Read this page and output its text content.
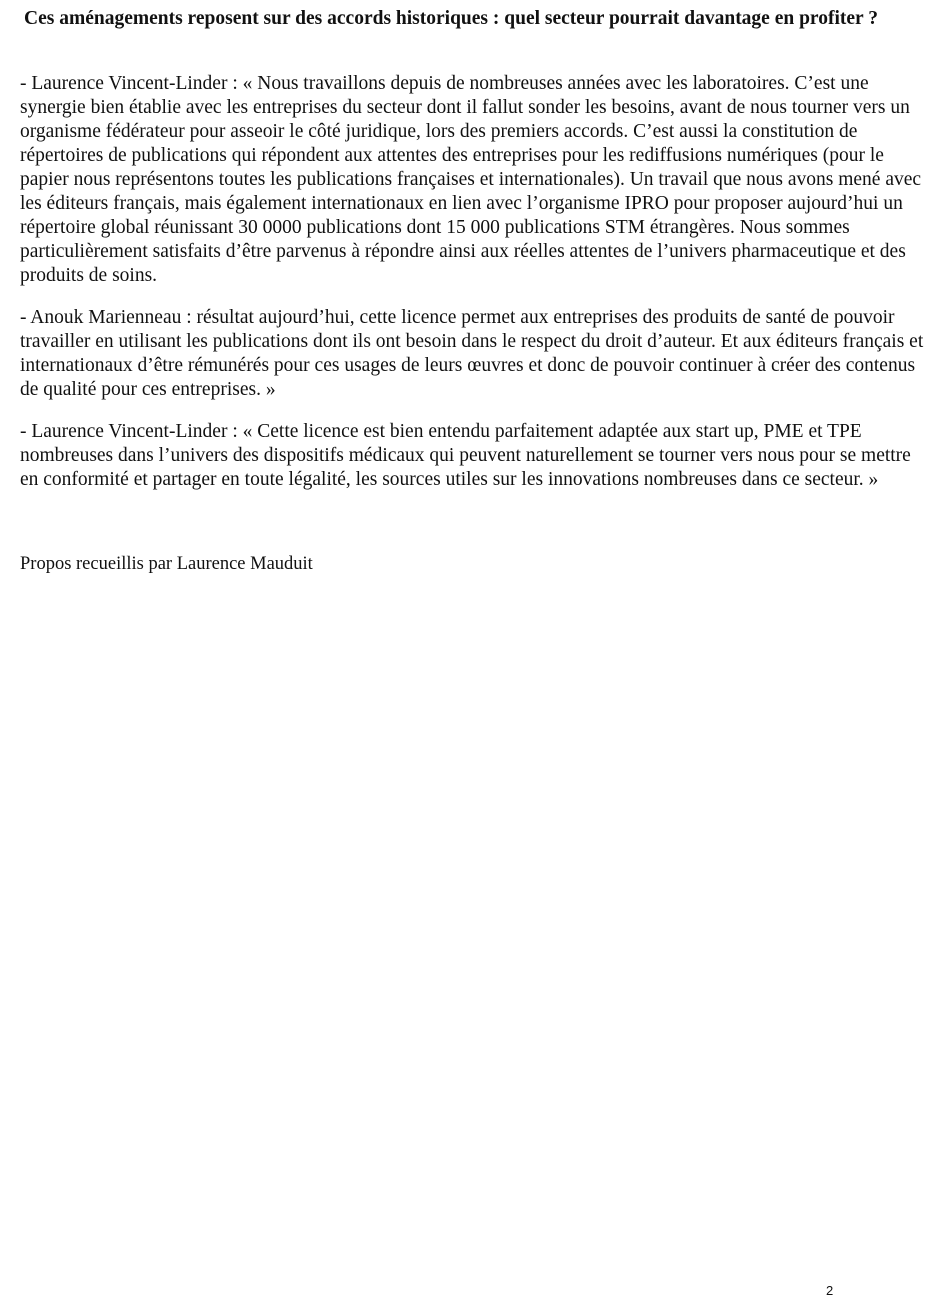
Ces aménagements reposent sur des accords historiques : quel secteur pourrait davantage en profiter ?

- Laurence Vincent-Linder : « Nous travaillons depuis de nombreuses années avec les laboratoires. C’est une synergie bien établie avec les entreprises du secteur dont il fallut sonder les besoins, avant de nous tourner vers un organisme fédérateur pour asseoir le côté juridique, lors des premiers accords. C’est aussi la constitution de répertoires de publications qui répondent aux attentes des entreprises pour les rediffusions numériques (pour le papier nous représentons toutes les publications françaises et internationales). Un travail que nous avons mené avec les éditeurs français, mais également internationaux en lien avec l’organisme IPRO pour proposer aujourd’hui un répertoire global réunissant 30 0000 publications dont 15 000 publications STM étrangères. Nous sommes particulièrement satisfaits d’être parvenus à répondre ainsi aux réelles attentes de l’univers pharmaceutique et des produits de soins.

- Anouk Marienneau : résultat aujourd’hui, cette licence permet aux entreprises des produits de santé de pouvoir travailler en utilisant les publications dont ils ont besoin dans le respect du droit d’auteur. Et aux éditeurs français et internationaux d’être rémunérés pour ces usages de leurs œuvres et donc de pouvoir continuer à créer des contenus de qualité pour ces entreprises. »

- Laurence Vincent-Linder : « Cette licence est bien entendu parfaitement adaptée aux start up, PME et TPE nombreuses dans l’univers des dispositifs médicaux qui peuvent naturellement se tourner vers nous pour se mettre en conformité et partager en toute légalité, les sources utiles sur les innovations nombreuses dans ce secteur. »

Propos recueillis par Laurence Mauduit

2
